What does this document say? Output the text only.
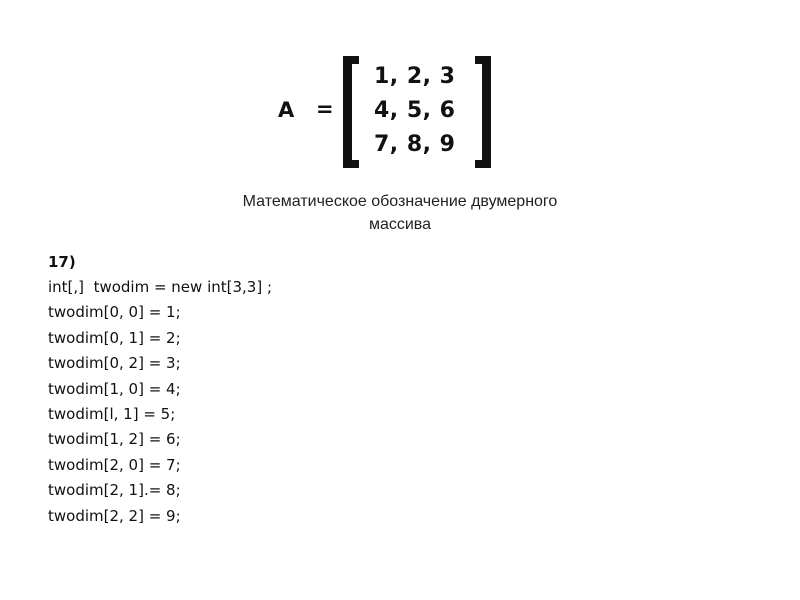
A =
1, 2, 3
4, 5, 6
7, 8, 9
Математическое обозначение двумерного
массива
17)
int[,]  twodim = new int[3,3] ;
twodim[0, 0] = 1;
twodim[0, 1] = 2;
twodim[0, 2] = 3;
twodim[1, 0] = 4;
twodim[l, 1] = 5;
twodim[1, 2] = 6;
twodim[2, 0] = 7;
twodim[2, 1].= 8;
twodim[2, 2] = 9;
